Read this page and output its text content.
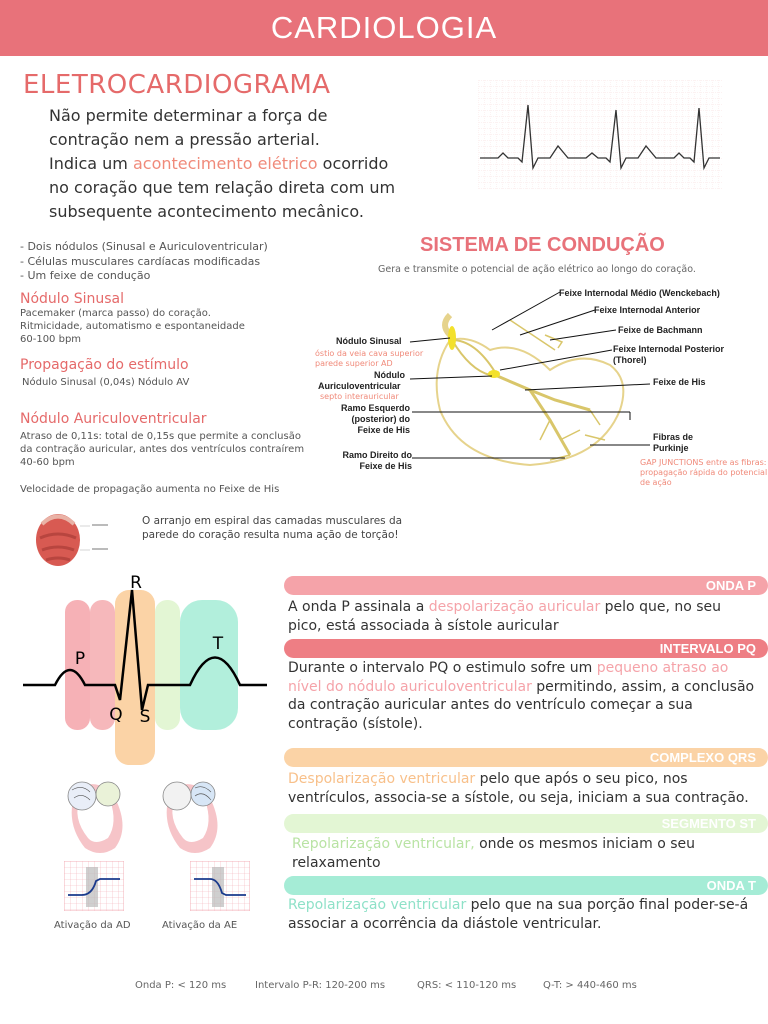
CARDIOLOGIA
ELETROCARDIOGRAMA
Não permite determinar a força de contração nem a pressão arterial.
Indica um acontecimento elétrico ocorrido no coração que tem relação direta com um subsequente acontecimento mecânico.
- Dois nódulos (Sinusal e Auriculoventricular)
- Células musculares cardíacas modificadas
- Um feixe de condução
Nódulo Sinusal
Pacemaker (marca passo) do coração.
Ritmicidade, automatismo e espontaneidade
60-100 bpm
Propagação do estímulo
Nódulo Sinusal (0,04s) Nódulo AV
Nódulo Auriculoventricular
Atraso de 0,11s: total de 0,15s que permite a conclusão
da contração auricular, antes dos ventrículos contraírem
40-60 bpm
Velocidade de propagação aumenta no Feixe de His
O arranjo em espiral das camadas musculares da
parede do coração resulta numa ação de torção!
SISTEMA DE CONDUÇÃO
Gera e transmite o potencial de ação elétrico ao longo do coração.
Feixe Internodal Médio (Wenckebach)
Feixe Internodal Anterior
Feixe de Bachmann
Feixe Internodal Posterior
(Thorel)
Feixe de His
Fibras de
Purkinje
GAP JUNCTIONS entre as fibras:
propagação rápida do potencial
de ação
Nódulo Sinusal
óstio da veia cava superior
parede superior AD
Nódulo
Auriculoventricular
septo interauricular
Ramo Esquerdo
(posterior) do
Feixe de His
Ramo Direito do
Feixe de His
R
P
T
Q S
Ativação da AD	Ativação da AE
ONDA P
A onda P assinala a despolarização auricular pelo que, no seu pico, está associada à sístole auricular
INTERVALO PQ
Durante o intervalo PQ o estimulo sofre um pequeno atraso ao nível do nódulo auriculoventricular permitindo, assim, a conclusão da contração auricular antes do ventrículo começar a sua contração (sístole).
COMPLEXO QRS
Despolarização ventricular pelo que após o seu pico, nos ventrículos, associa-se a sístole, ou seja, iniciam a sua contração.
SEGMENTO ST
Repolarização ventricular, onde os mesmos iniciam o seu relaxamento
ONDA T
Repolarização ventricular pelo que na sua porção final poder-se-á associar a ocorrência da diástole ventricular.
Onda P: < 120 ms	Intervalo P-R: 120-200 ms	QRS: < 110-120 ms	Q-T: > 440-460 ms
